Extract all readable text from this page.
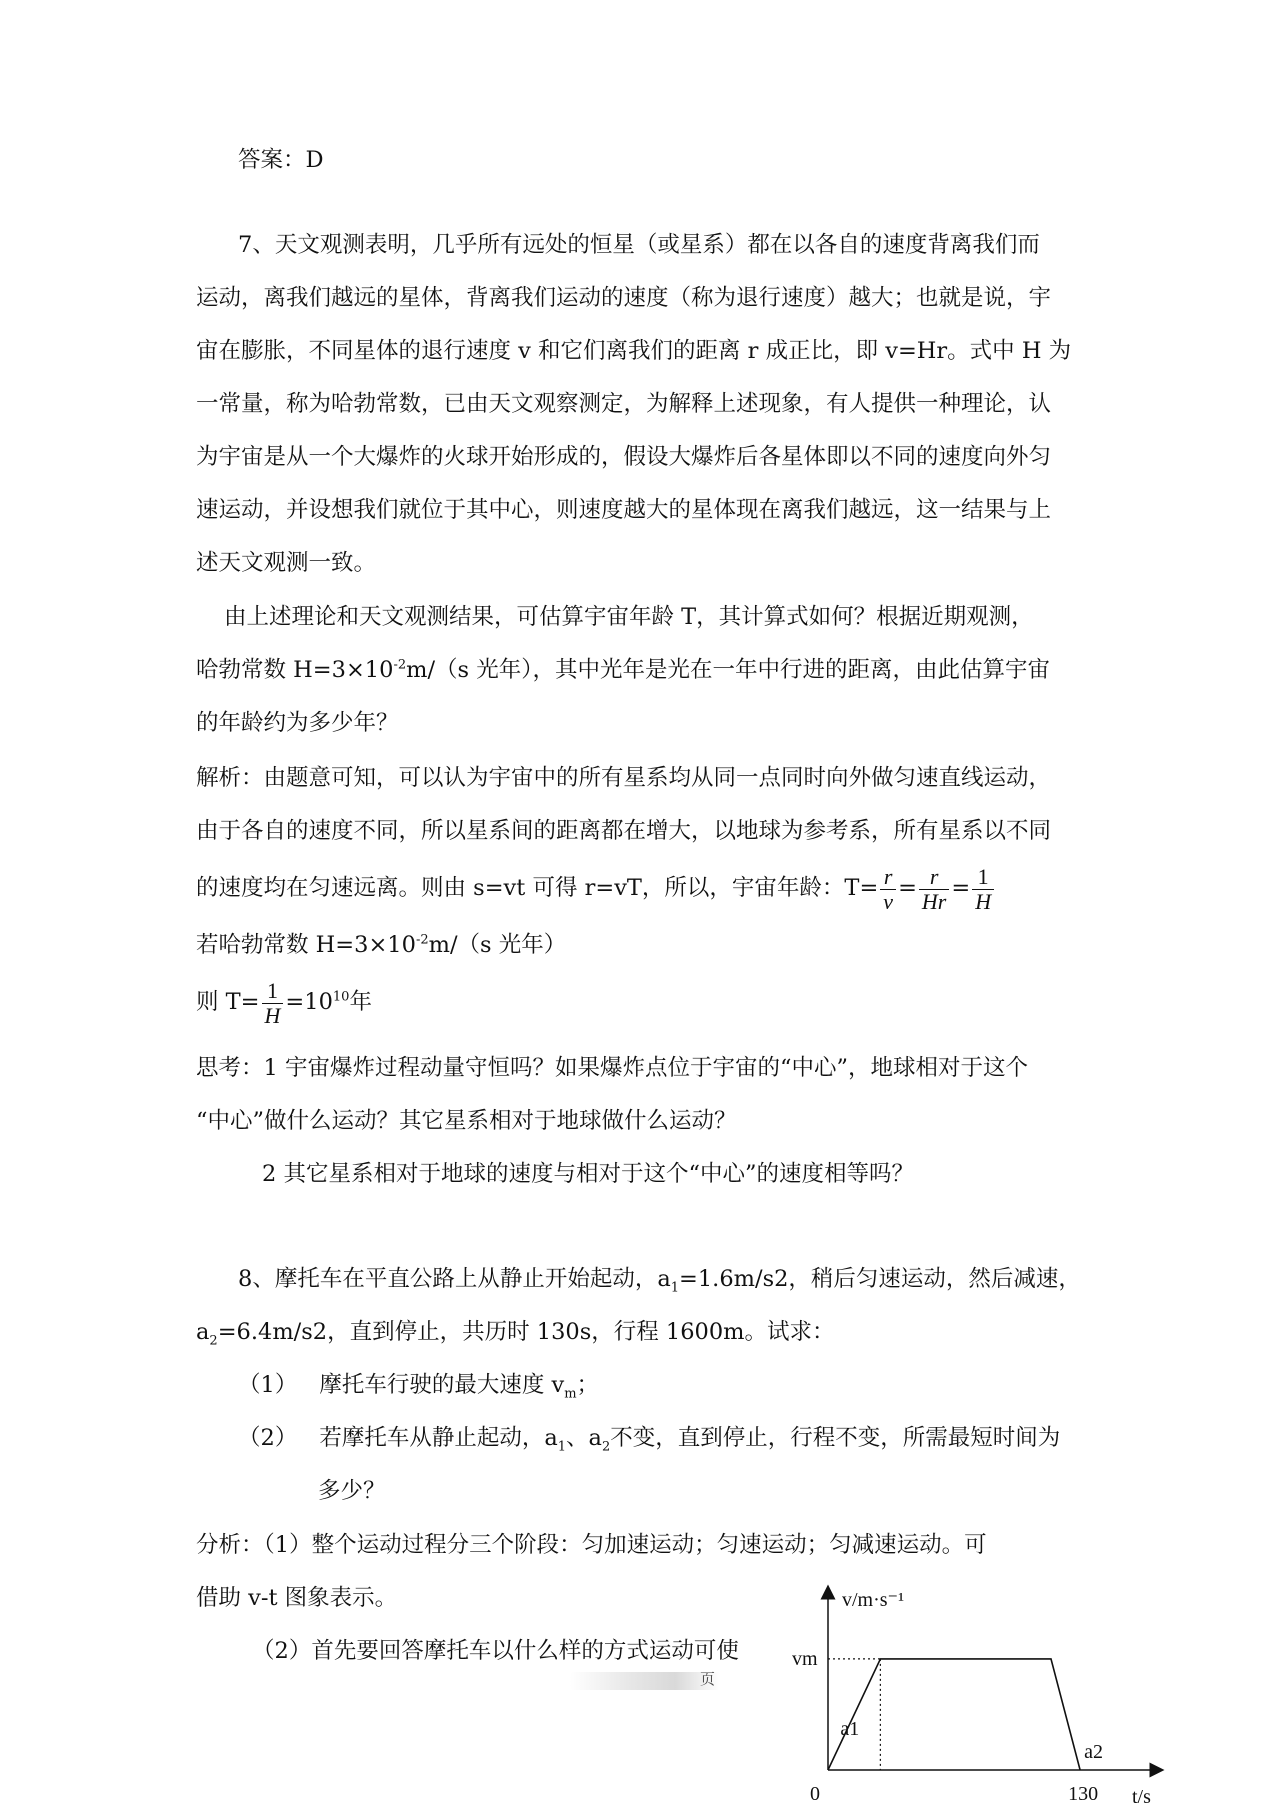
答案：D
7、天文观测表明，几乎所有远处的恒星（或星系）都在以各自的速度背离我们而
运动，离我们越远的星体，背离我们运动的速度（称为退行速度）越大；也就是说，宇
宙在膨胀，不同星体的退行速度 v 和它们离我们的距离 r 成正比，即 v=Hr。式中 H 为
一常量，称为哈勃常数，已由天文观察测定，为解释上述现象，有人提供一种理论，认
为宇宙是从一个大爆炸的火球开始形成的，假设大爆炸后各星体即以不同的速度向外匀
速运动，并设想我们就位于其中心，则速度越大的星体现在离我们越远，这一结果与上
述天文观测一致。
由上述理论和天文观测结果，可估算宇宙年龄 T，其计算式如何？根据近期观测，
哈勃常数 $H=3\times 10^{-2}m/(s$ 光年），其中光年是光在一年中行进的距离，由此估算宇宙
的年龄约为多少年？
解析：由题意可知，可以认为宇宙中的所有星系均从同一点同时向外做匀速直线运动，
由于各自的速度不同，所以星系间的距离都在增大，以地球为参考系，所有星系以不同
的速度均在匀速远离。则由 s=vt 可得 r=vT，所以，宇宙年龄：$T= \frac{r}{v} = \frac{r}{Hr} = \frac{1}{H}$
若哈勃常数 $H=3\times 10^{-2}m/(s$ 光年）
则 $T= \frac{1}{H} =10^{10}$年
思考：1 宇宙爆炸过程动量守恒吗？如果爆炸点位于宇宙的“中心”，地球相对于这个
“中心”做什么运动？其它星系相对于地球做什么运动？
2 其它星系相对于地球的速度与相对于这个“中心”的速度相等吗？
8、摩托车在平直公路上从静止开始起动，$a_1=1.6m/s2$，稍后匀速运动，然后减速，
$a_2=6.4m/s2$，直到停止，共历时 130s，行程 1600m。试求：
（1） 摩托车行驶的最大速度 $v_m$；
（2） 若摩托车从静止起动，$a_1$、$a_2$不变，直到停止，行程不变，所需最短时间为
多少？
分析：（1）整个运动过程分三个阶段：匀加速运动；匀速运动；匀减速运动。可
借助 v-t 图象表示。
（2）首先要回答摩托车以什么样的方式运动可使
页
v/m·s⁻¹
t/s
0	130
vm
a1
a2
